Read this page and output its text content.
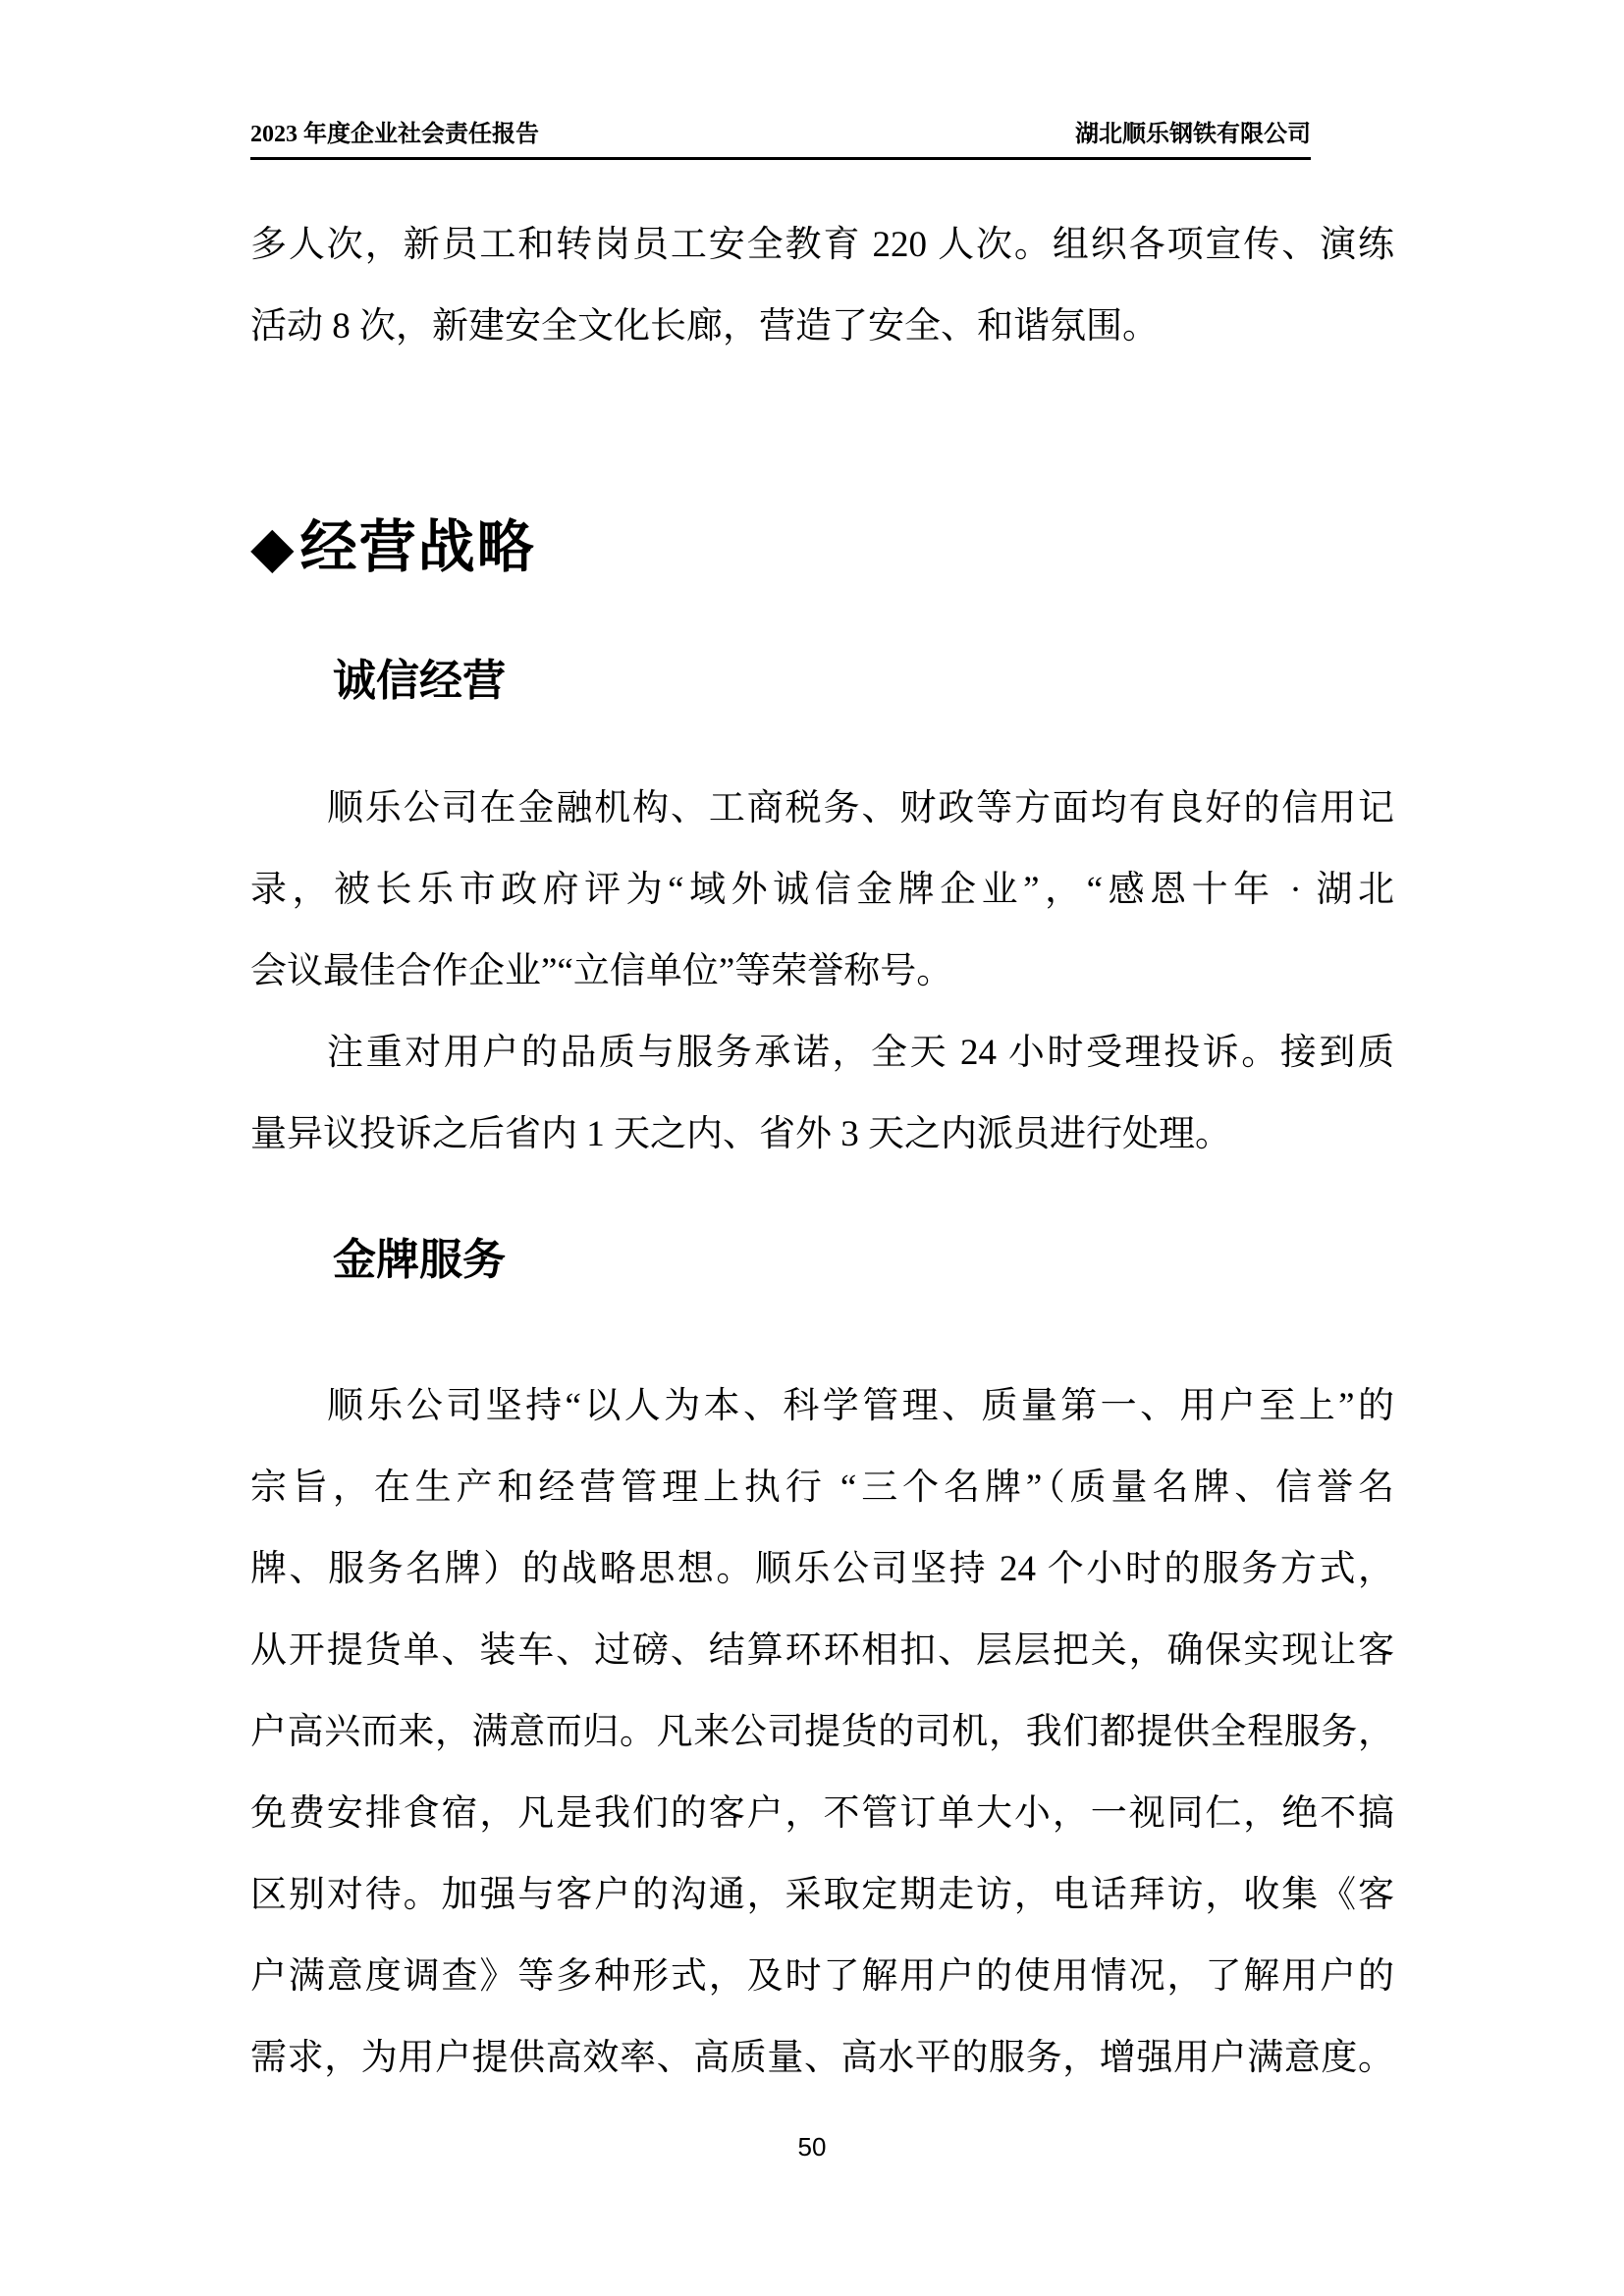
2023 年度企业社会责任报告	湖北顺乐钢铁有限公司
多人次，新员工和转岗员工安全教育 220 人次。组织各项宣传、演练
活动 8 次，新建安全文化长廊，营造了安全、和谐氛围。
◆经营战略
诚信经营
顺乐公司在金融机构、工商税务、财政等方面均有良好的信用记
录，被长乐市政府评为“域外诚信金牌企业”，“感恩十年 · 湖北
会议最佳合作企业”“立信单位”等荣誉称号。
注重对用户的品质与服务承诺，全天 24 小时受理投诉。接到质
量异议投诉之后省内 1 天之内、省外 3 天之内派员进行处理。
金牌服务
顺乐公司坚持“以人为本、科学管理、质量第一、用户至上”的
宗旨，在生产和经营管理上执行 “三个名牌”（质量名牌、信誉名
牌、服务名牌）的战略思想。顺乐公司坚持 24 个小时的服务方式，
从开提货单、装车、过磅、结算环环相扣、层层把关，确保实现让客
户高兴而来，满意而归。凡来公司提货的司机，我们都提供全程服务，
免费安排食宿，凡是我们的客户，不管订单大小，一视同仁，绝不搞
区别对待。加强与客户的沟通，采取定期走访，电话拜访，收集《客
户满意度调查》等多种形式，及时了解用户的使用情况，了解用户的
需求，为用户提供高效率、高质量、高水平的服务，增强用户满意度。
50
